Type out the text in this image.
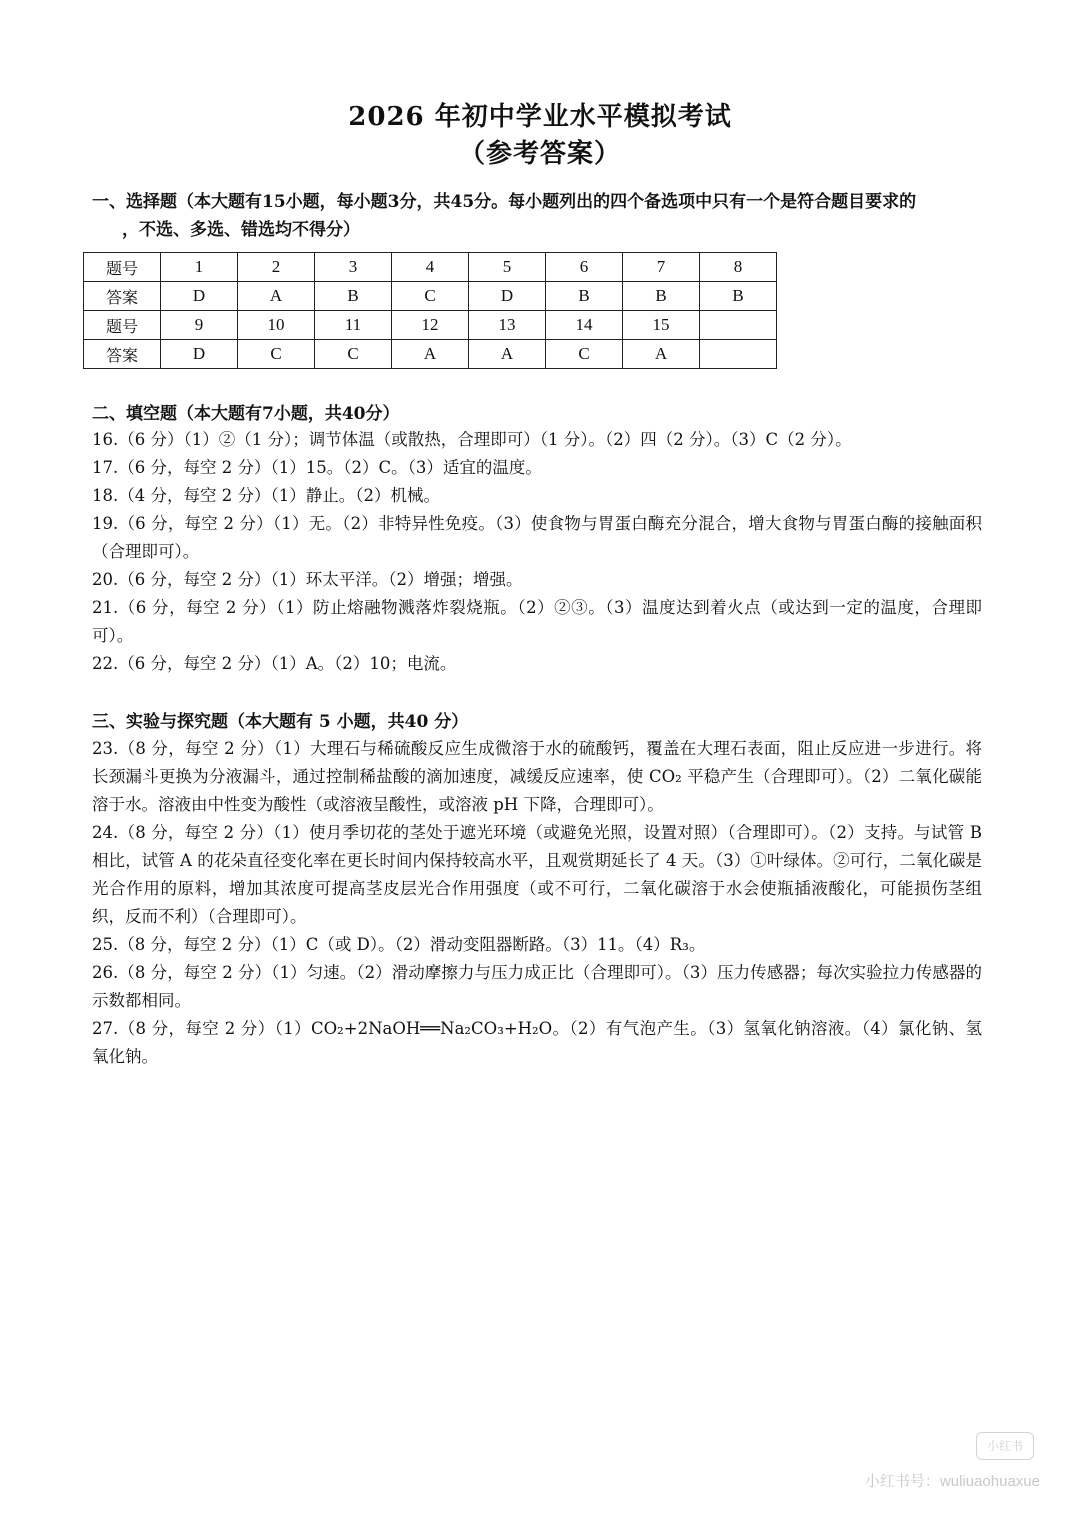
2026 年初中学业水平模拟考试
（参考答案）
一、选择题（本大题有15小题，每小题3分，共45分。每小题列出的四个备选项中只有一个是符合题目要求的
，不选、多选、错选均不得分）
题号	1	2	3	4	5	6	7	8
答案	D	A	B	C	D	B	B	B
题号	9	10	11	12	13	14	15	
答案	D	C	C	A	A	C	A	
二、填空题（本大题有7小题，共40分）

16.（6 分）（1）②（1 分）；调节体温（或散热，合理即可）（1 分）。（2）四（2 分）。（3）C（2 分）。

17.（6 分，每空 2 分）（1）15。（2）C。（3）适宜的温度。

18.（4 分，每空 2 分）（1）静止。（2）机械。

19.（6 分，每空 2 分）（1）无。（2）非特异性免疫。（3）使食物与胃蛋白酶充分混合，增大食物与胃蛋白酶的接触面积（合理即可）。

20.（6 分，每空 2 分）（1）环太平洋。（2）增强；增强。

21.（6 分，每空 2 分）（1）防止熔融物溅落炸裂烧瓶。（2）②③。（3）温度达到着火点（或达到一定的温度，合理即可）。

22.（6 分，每空 2 分）（1）A。（2）10；电流。

三、实验与探究题（本大题有 5 小题，共40 分）

23.（8 分，每空 2 分）（1）大理石与稀硫酸反应生成微溶于水的硫酸钙，覆盖在大理石表面，阻止反应进一步进行。将长颈漏斗更换为分液漏斗，通过控制稀盐酸的滴加速度，减缓反应速率，使 CO₂ 平稳产生（合理即可）。（2）二氧化碳能溶于水。溶液由中性变为酸性（或溶液呈酸性，或溶液 pH 下降，合理即可）。

24.（8 分，每空 2 分）（1）使月季切花的茎处于遮光环境（或避免光照，设置对照）（合理即可）。（2）支持。与试管 B 相比，试管 A 的花朵直径变化率在更长时间内保持较高水平，且观赏期延长了 4 天。（3）①叶绿体。②可行，二氧化碳是光合作用的原料，增加其浓度可提高茎皮层光合作用强度（或不可行，二氧化碳溶于水会使瓶插液酸化，可能损伤茎组织，反而不利）（合理即可）。

25.（8 分，每空 2 分）（1）C（或 D）。（2）滑动变阻器断路。（3）11。（4）R₃。

26.（8 分，每空 2 分）（1）匀速。（2）滑动摩擦力与压力成正比（合理即可）。（3）压力传感器；每次实验拉力传感器的示数都相同。

27.（8 分，每空 2 分）（1）CO₂+2NaOH══Na₂CO₃+H₂O。（2）有气泡产生。（3）氢氧化钠溶液。（4）氯化钠、氢氧化钠。

小红书
小红书号：wuliuaohuaxue
